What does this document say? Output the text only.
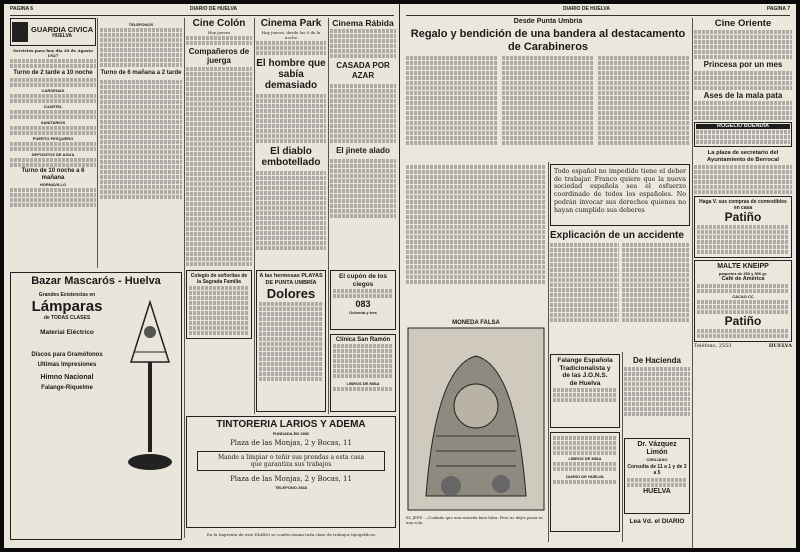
PAGINA 6	DIARIO DE HUELVA
GUARDIA CIVICA
HUELVA
Servicios para hoy día 20 de Agosto 1927
Turno de 2 tarde a 10 noche
CARDENAS
CUARTEL
SANITARIOS
PUERTO PESQUERO
DEPOSITOS DE AGUA
Turno de 10 noche a 6 mañana
HORNAVILLO
TELEFONOS
Turno de 6 mañana a 2 tarde
Bazar Mascarós - Huelva
Grandes Existencias en
Lámparas
de TODAS CLASES
Material Eléctrico
Discos para Gramófonos
Ultimas Impresiones
Himno Nacional
Falange-Riquelme
Cine Colón
Hoy jueves
Compañeros de juerga
Colegio de señoritas de la Sagrada Familia
Cinema Park
Hoy jueves, desde las 9 de la noche
El hombre que sabía demasiado
El diablo embotellado
Cinema Rábida
CASADA POR AZAR
El jinete alado
A las hermosas PLAYAS DE PUNTA UMBRÍA
Dolores
El cupón de los ciegos
083
Ochenta y tres
Clínica San Ramón
LIBROS DE MISA
TINTORERIA LARIOS Y ADEMA
FUNDADA EN 1892
Plaza de las Monjas, 2 y Bocas, 11
Mande a limpiar o teñir sus prendas a esta casa
que garantiza sus trabajos
Plaza de las Monjas, 2 y Bocas, 11
TELEFONO 2548
En la Imprenta de este DIARIO se confeccionan toda clase de trabajos tipográficos
DIARIO DE HUELVA	PAGINA 7
Desde Punta Umbría
Regalo y bendición de una bandera al destacamento de Carabineros
Todo español no impedido tiene el deber de trabajar. Franco quiere que la nueva sociedad española sea el esfuerzo coordinado de todos los españoles. No podrán invocar sus derechos quienes no hayan cumplido sus deberes
Explicación de un accidente
MONEDA FALSA
EL JEFE. —Cuidado que una moneda bien falsa. Pero no dejes pasar ni una sola.
Falange Española
Tradicionalista y
de las J.O.N.S.
de Huelva
De Hacienda
LIBROS DE MISA
DIARIO DE HUELVA
Dr. Vázquez Limón
CIRUJANO
Consulta de 11 a 1 y de 3 a 5
HUELVA
Lea Vd. el DIARIO
Cine Oriente
Princesa por un mes
Ases de la mala pata
ROGELIO BUENDÍA
La plaza de secretario del Ayuntamiento de Berrocal
Haga V. sus compras de comestibles en casa
Patiño
MALTE KNEIPP
paquetes de 250 y 500 gr.
Café de América
CACAO CC
Patiño
Teléfono, 2553	HUELVA
